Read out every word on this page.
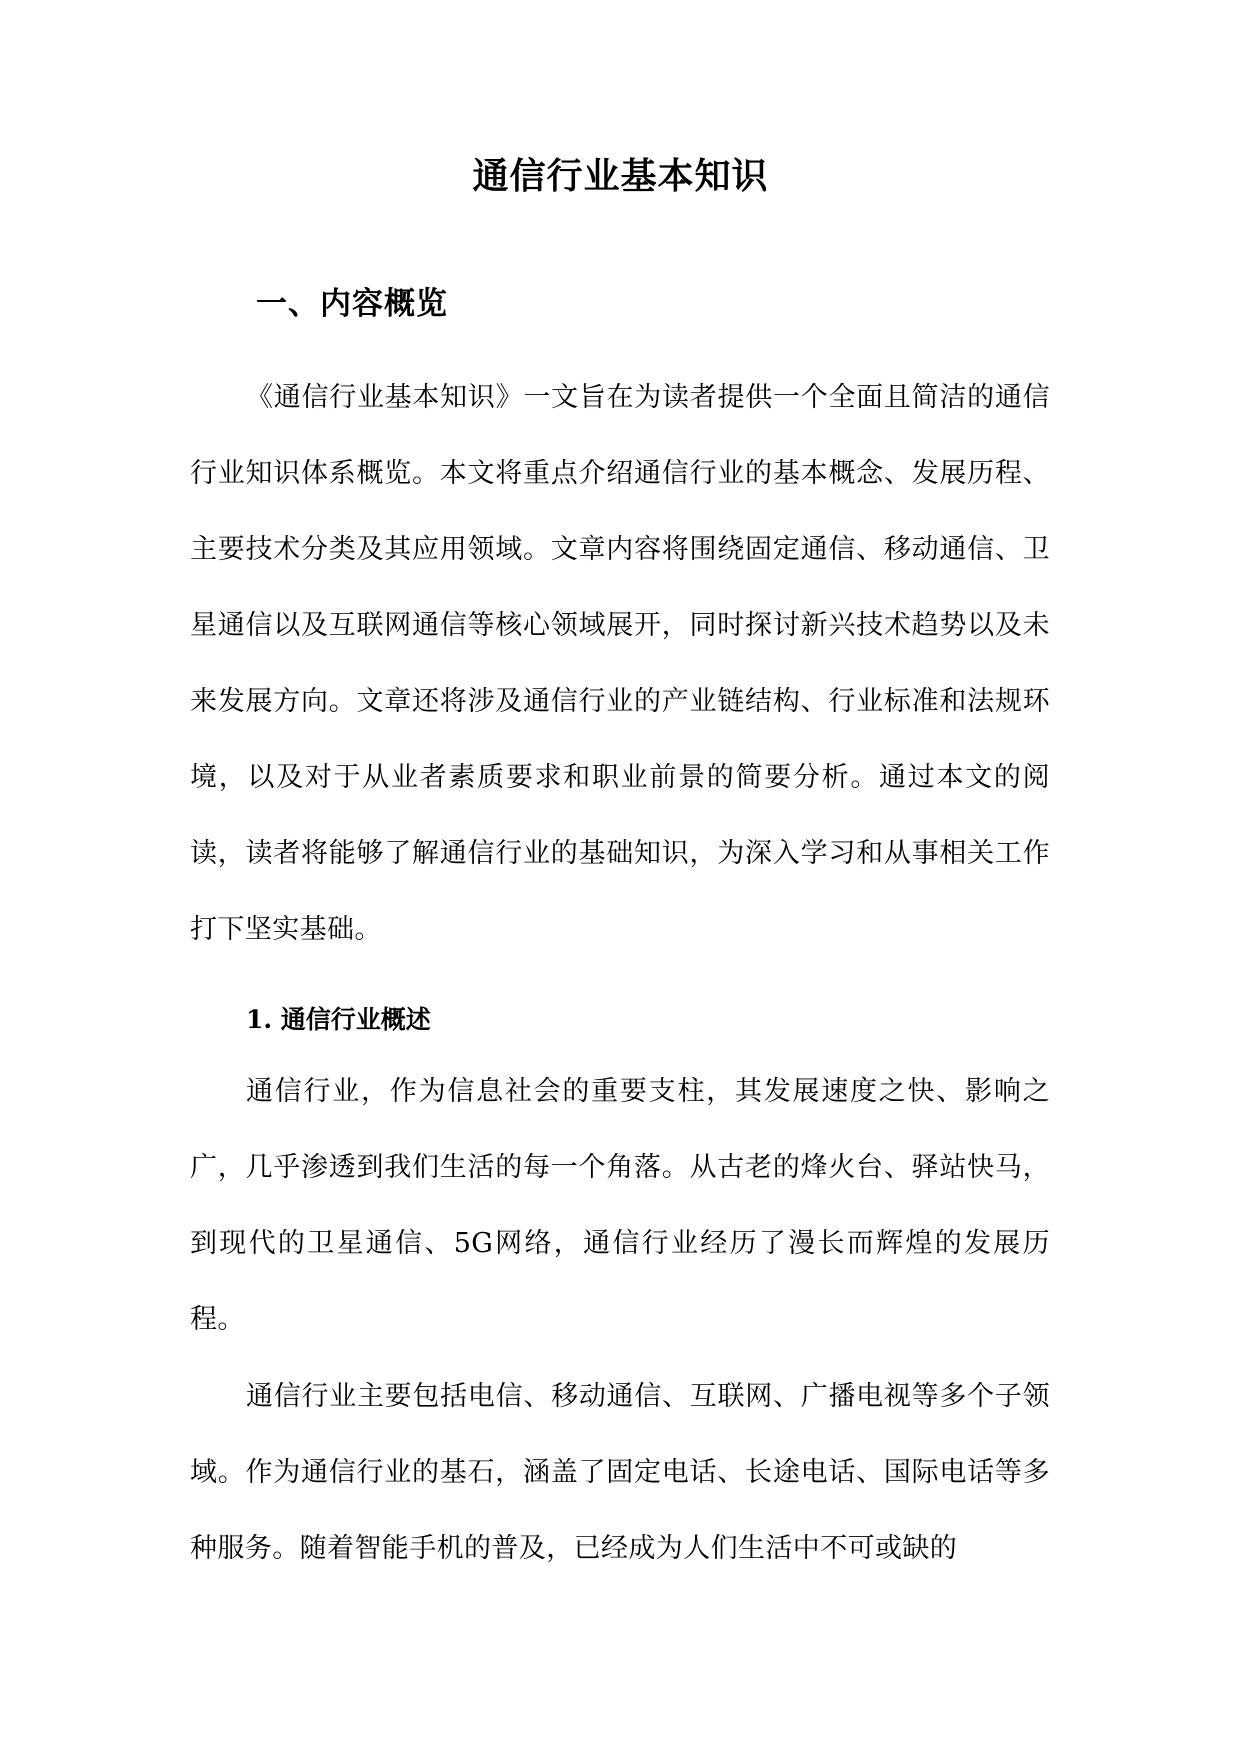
通信行业基本知识
一、内容概览

《通信行业基本知识》一文旨在为读者提供一个全面且简洁的通信行业知识体系概览。本文将重点介绍通信行业的基本概念、发展历程、主要技术分类及其应用领域。文章内容将围绕固定通信、移动通信、卫星通信以及互联网通信等核心领域展开，同时探讨新兴技术趋势以及未来发展方向。文章还将涉及通信行业的产业链结构、行业标准和法规环境，以及对于从业者素质要求和职业前景的简要分析。通过本文的阅读，读者将能够了解通信行业的基础知识，为深入学习和从事相关工作打下坚实基础。

1. 通信行业概述

通信行业，作为信息社会的重要支柱，其发展速度之快、影响之广，几乎渗透到我们生活的每一个角落。从古老的烽火台、驿站快马，到现代的卫星通信、5G网络，通信行业经历了漫长而辉煌的发展历程。

通信行业主要包括电信、移动通信、互联网、广播电视等多个子领域。作为通信行业的基石，涵盖了固定电话、长途电话、国际电话等多种服务。随着智能手机的普及，已经成为人们生活中不可或缺的
